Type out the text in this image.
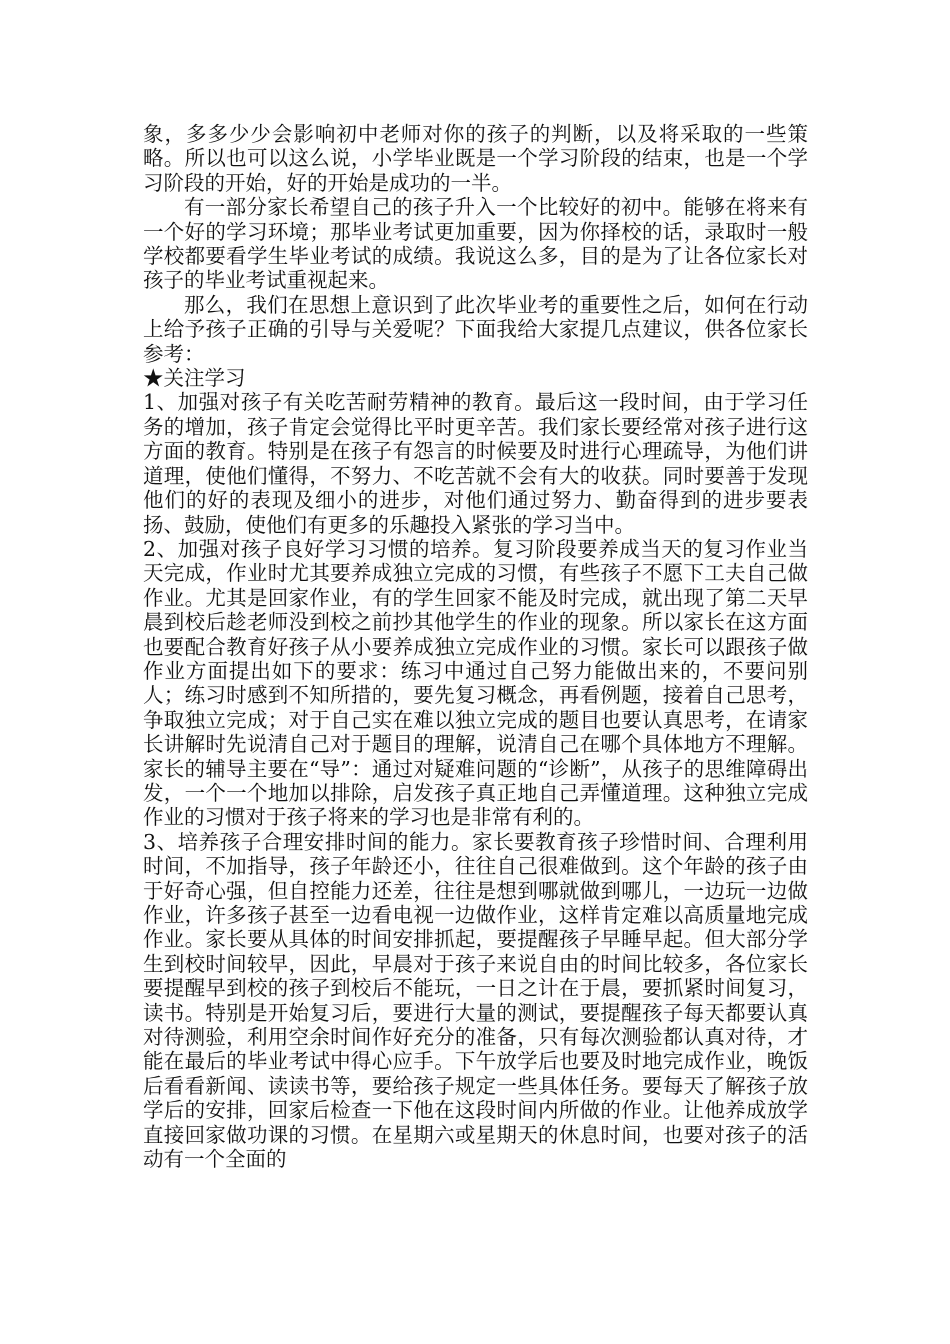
象，多多少少会影响初中老师对你的孩子的判断，以及将采取的一些策略。所以也可以这么说，小学毕业既是一个学习阶段的结束，也是一个学习阶段的开始，好的开始是成功的一半。

有一部分家长希望自己的孩子升入一个比较好的初中。能够在将来有一个好的学习环境；那毕业考试更加重要，因为你择校的话，录取时一般学校都要看学生毕业考试的成绩。我说这么多，目的是为了让各位家长对孩子的毕业考试重视起来。

那么，我们在思想上意识到了此次毕业考的重要性之后，如何在行动上给予孩子正确的引导与关爱呢？下面我给大家提几点建议，供各位家长参考：

★关注学习

1、加强对孩子有关吃苦耐劳精神的教育。最后这一段时间，由于学习任务的增加，孩子肯定会觉得比平时更辛苦。我们家长要经常对孩子进行这方面的教育。特别是在孩子有怨言的时候要及时进行心理疏导，为他们讲道理，使他们懂得，不努力、不吃苦就不会有大的收获。同时要善于发现他们的好的表现及细小的进步，对他们通过努力、勤奋得到的进步要表扬、鼓励，使他们有更多的乐趣投入紧张的学习当中。

2、加强对孩子良好学习习惯的培养。复习阶段要养成当天的复习作业当天完成，作业时尤其要养成独立完成的习惯，有些孩子不愿下工夫自己做作业。尤其是回家作业，有的学生回家不能及时完成，就出现了第二天早晨到校后趁老师没到校之前抄其他学生的作业的现象。所以家长在这方面也要配合教育好孩子从小要养成独立完成作业的习惯。家长可以跟孩子做作业方面提出如下的要求：练习中通过自己努力能做出来的，不要问别人；练习时感到不知所措的，要先复习概念，再看例题，接着自己思考，争取独立完成；对于自己实在难以独立完成的题目也要认真思考，在请家长讲解时先说清自己对于题目的理解，说清自己在哪个具体地方不理解。家长的辅导主要在“导”：通过对疑难问题的“诊断”，从孩子的思维障碍出发，一个一个地加以排除，启发孩子真正地自己弄懂道理。这种独立完成作业的习惯对于孩子将来的学习也是非常有利的。

3、培养孩子合理安排时间的能力。家长要教育孩子珍惜时间、合理利用时间，不加指导，孩子年龄还小，往往自己很难做到。这个年龄的孩子由于好奇心强，但自控能力还差，往往是想到哪就做到哪儿，一边玩一边做作业，许多孩子甚至一边看电视一边做作业，这样肯定难以高质量地完成作业。家长要从具体的时间安排抓起，要提醒孩子早睡早起。但大部分学生到校时间较早，因此，早晨对于孩子来说自由的时间比较多，各位家长要提醒早到校的孩子到校后不能玩，一日之计在于晨，要抓紧时间复习，读书。特别是开始复习后，要进行大量的测试，要提醒孩子每天都要认真对待测验，利用空余时间作好充分的准备，只有每次测验都认真对待，才能在最后的毕业考试中得心应手。下午放学后也要及时地完成作业，晚饭后看看新闻、读读书等，要给孩子规定一些具体任务。要每天了解孩子放学后的安排，回家后检查一下他在这段时间内所做的作业。让他养成放学直接回家做功课的习惯。在星期六或星期天的休息时间，也要对孩子的活动有一个全面的
